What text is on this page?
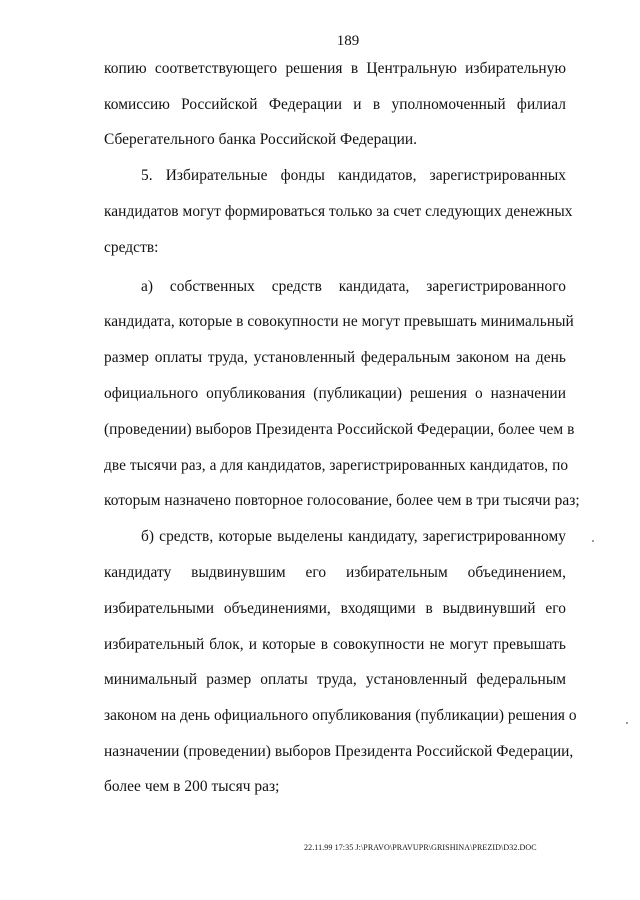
189
копию соответствующего решения в Центральную избирательную
комиссию Российской Федерации и в уполномоченный филиал
Сберегательного банка Российской Федерации.
5. Избирательные фонды кандидатов, зарегистрированных
кандидатов могут формироваться только за счет следующих денежных
средств:
а) собственных средств кандидата, зарегистрированного
кандидата, которые в совокупности не могут превышать минимальный
размер оплаты труда, установленный федеральным законом на день
официального опубликования (публикации) решения о назначении
(проведении) выборов Президента Российской Федерации, более чем в
две тысячи раз, а для кандидатов, зарегистрированных кандидатов, по
которым назначено повторное голосование, более чем в три тысячи раз;
б) средств, которые выделены кандидату, зарегистрированному
кандидату выдвинувшим его избирательным объединением,
избирательными объединениями, входящими в выдвинувший его
избирательный блок, и которые в совокупности не могут превышать
минимальный размер оплаты труда, установленный федеральным
законом на день официального опубликования (публикации) решения о
назначении (проведении) выборов Президента Российской Федерации,
более чем в 200 тысяч раз;
22.11.99 17:35 J:\PRAVO\PRAVUPR\GRISHINA\PREZID\D32.DOC
